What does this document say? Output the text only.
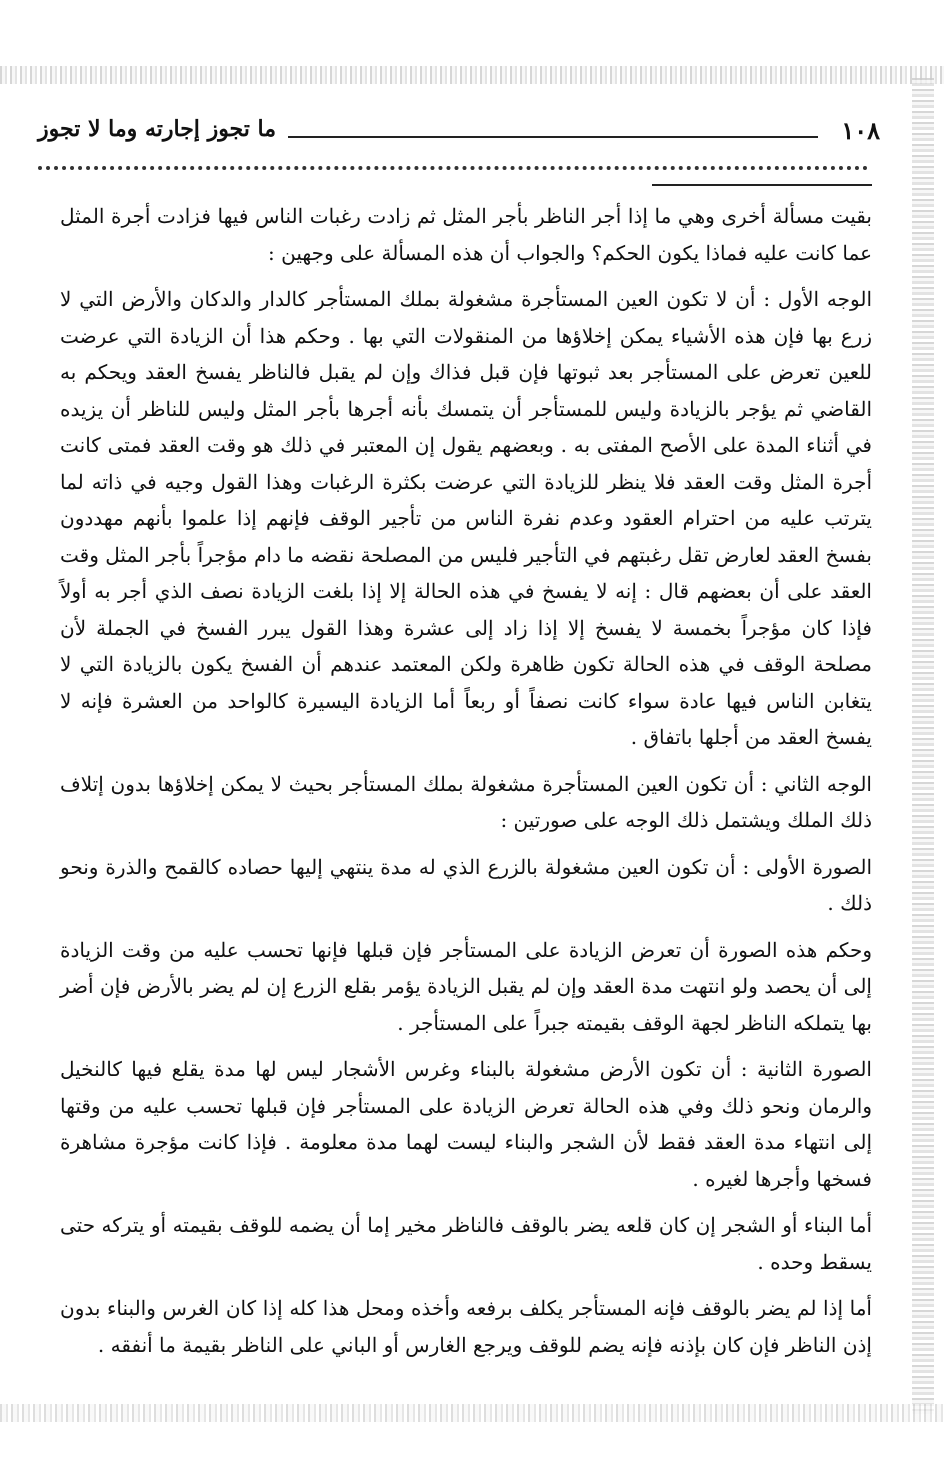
١٠٨
ما تجوز إجارته وما لا تجوز

بقيت مسألة أخرى وهي ما إذا أجر الناظر بأجر المثل ثم زادت رغبات الناس فيها فزادت أجرة المثل عما كانت عليه فماذا يكون الحكم؟ والجواب أن هذه المسألة على وجهين :

الوجه الأول : أن لا تكون العين المستأجرة مشغولة بملك المستأجر كالدار والدكان والأرض التي لا زرع بها فإن هذه الأشياء يمكن إخلاؤها من المنقولات التي بها . وحكم هذا أن الزيادة التي عرضت للعين تعرض على المستأجر بعد ثبوتها فإن قبل فذاك وإن لم يقبل فالناظر يفسخ العقد ويحكم به القاضي ثم يؤجر بالزيادة وليس للمستأجر أن يتمسك بأنه أجرها بأجر المثل وليس للناظر أن يزيده في أثناء المدة على الأصح المفتى به . وبعضهم يقول إن المعتبر في ذلك هو وقت العقد فمتى كانت أجرة المثل وقت العقد فلا ينظر للزيادة التي عرضت بكثرة الرغبات وهذا القول وجيه في ذاته لما يترتب عليه من احترام العقود وعدم نفرة الناس من تأجير الوقف فإنهم إذا علموا بأنهم مهددون بفسخ العقد لعارض تقل رغبتهم في التأجير فليس من المصلحة نقضه ما دام مؤجراً بأجر المثل وقت العقد على أن بعضهم قال : إنه لا يفسخ في هذه الحالة إلا إذا بلغت الزيادة نصف الذي أجر به أولاً فإذا كان مؤجراً بخمسة لا يفسخ إلا إذا زاد إلى عشرة وهذا القول يبرر الفسخ في الجملة لأن مصلحة الوقف في هذه الحالة تكون ظاهرة ولكن المعتمد عندهم أن الفسخ يكون بالزيادة التي لا يتغابن الناس فيها عادة سواء كانت نصفاً أو ربعاً أما الزيادة اليسيرة كالواحد من العشرة فإنه لا يفسخ العقد من أجلها باتفاق .

الوجه الثاني : أن تكون العين المستأجرة مشغولة بملك المستأجر بحيث لا يمكن إخلاؤها بدون إتلاف ذلك الملك ويشتمل ذلك الوجه على صورتين :

الصورة الأولى : أن تكون العين مشغولة بالزرع الذي له مدة ينتهي إليها حصاده كالقمح والذرة ونحو ذلك .

وحكم هذه الصورة أن تعرض الزيادة على المستأجر فإن قبلها فإنها تحسب عليه من وقت الزيادة إلى أن يحصد ولو انتهت مدة العقد وإن لم يقبل الزيادة يؤمر بقلع الزرع إن لم يضر بالأرض فإن أضر بها يتملكه الناظر لجهة الوقف بقيمته جبراً على المستأجر .

الصورة الثانية : أن تكون الأرض مشغولة بالبناء وغرس الأشجار ليس لها مدة يقلع فيها كالنخيل والرمان ونحو ذلك وفي هذه الحالة تعرض الزيادة على المستأجر فإن قبلها تحسب عليه من وقتها إلى انتهاء مدة العقد فقط لأن الشجر والبناء ليست لهما مدة معلومة . فإذا كانت مؤجرة مشاهرة فسخها وأجرها لغيره .

أما البناء أو الشجر إن كان قلعه يضر بالوقف فالناظر مخير إما أن يضمه للوقف بقيمته أو يتركه حتى يسقط وحده .

أما إذا لم يضر بالوقف فإنه المستأجر يكلف برفعه وأخذه ومحل هذا كله إذا كان الغرس والبناء بدون إذن الناظر فإن كان بإذنه فإنه يضم للوقف ويرجع الغارس أو الباني على الناظر بقيمة ما أنفقه .
